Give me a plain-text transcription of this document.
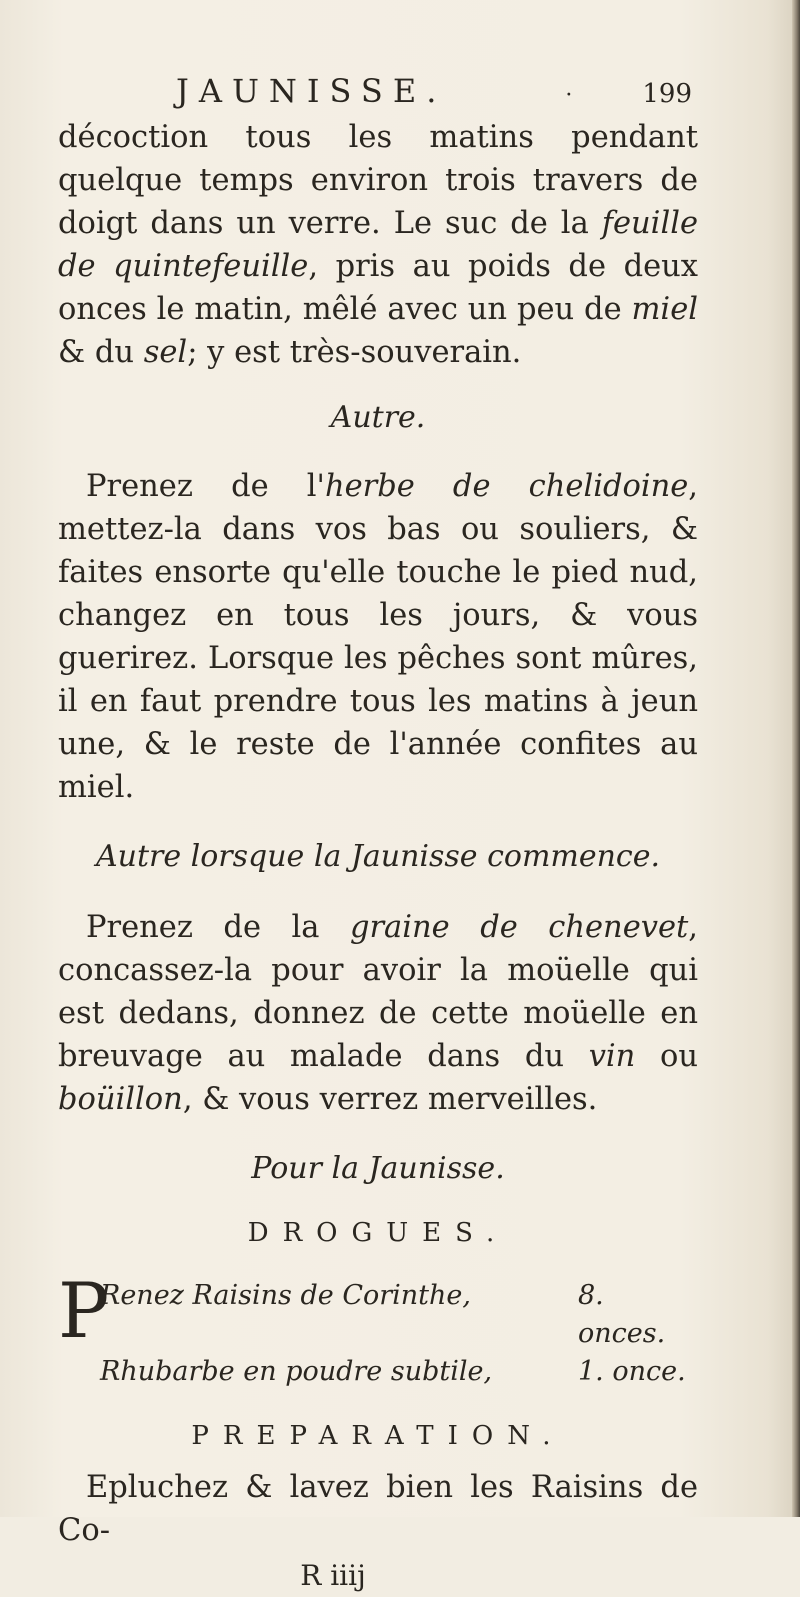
JAUNISSE.	·	199

décoction tous les matins pendant quelque temps environ trois travers de doigt dans un verre. Le suc de la feuille de quintefeuille, pris au poids de deux onces le matin, mêlé avec un peu de miel & du sel; y est très-souverain.

Autre.

Prenez de l'herbe de chelidoine, mettez-la dans vos bas ou souliers, & faites ensorte qu'elle touche le pied nud, changez en tous les jours, & vous guerirez. Lorsque les pêches sont mûres, il en faut prendre tous les matins à jeun une, & le reste de l'année confites au miel.

Autre lorsque la Jaunisse commence.

Prenez de la graine de chenevet, concassez-la pour avoir la moüelle qui est dedans, donnez de cette moüelle en breuvage au malade dans du vin ou boüillon, & vous verrez merveilles.

Pour la Jaunisse.

DROGUES.
P
Renez Raisins de Corinthe,	8. onces.
Rhubarbe en poudre subtile,	1. once.
PREPARATION.

Epluchez & lavez bien les Raisins de Co-

R iiij
